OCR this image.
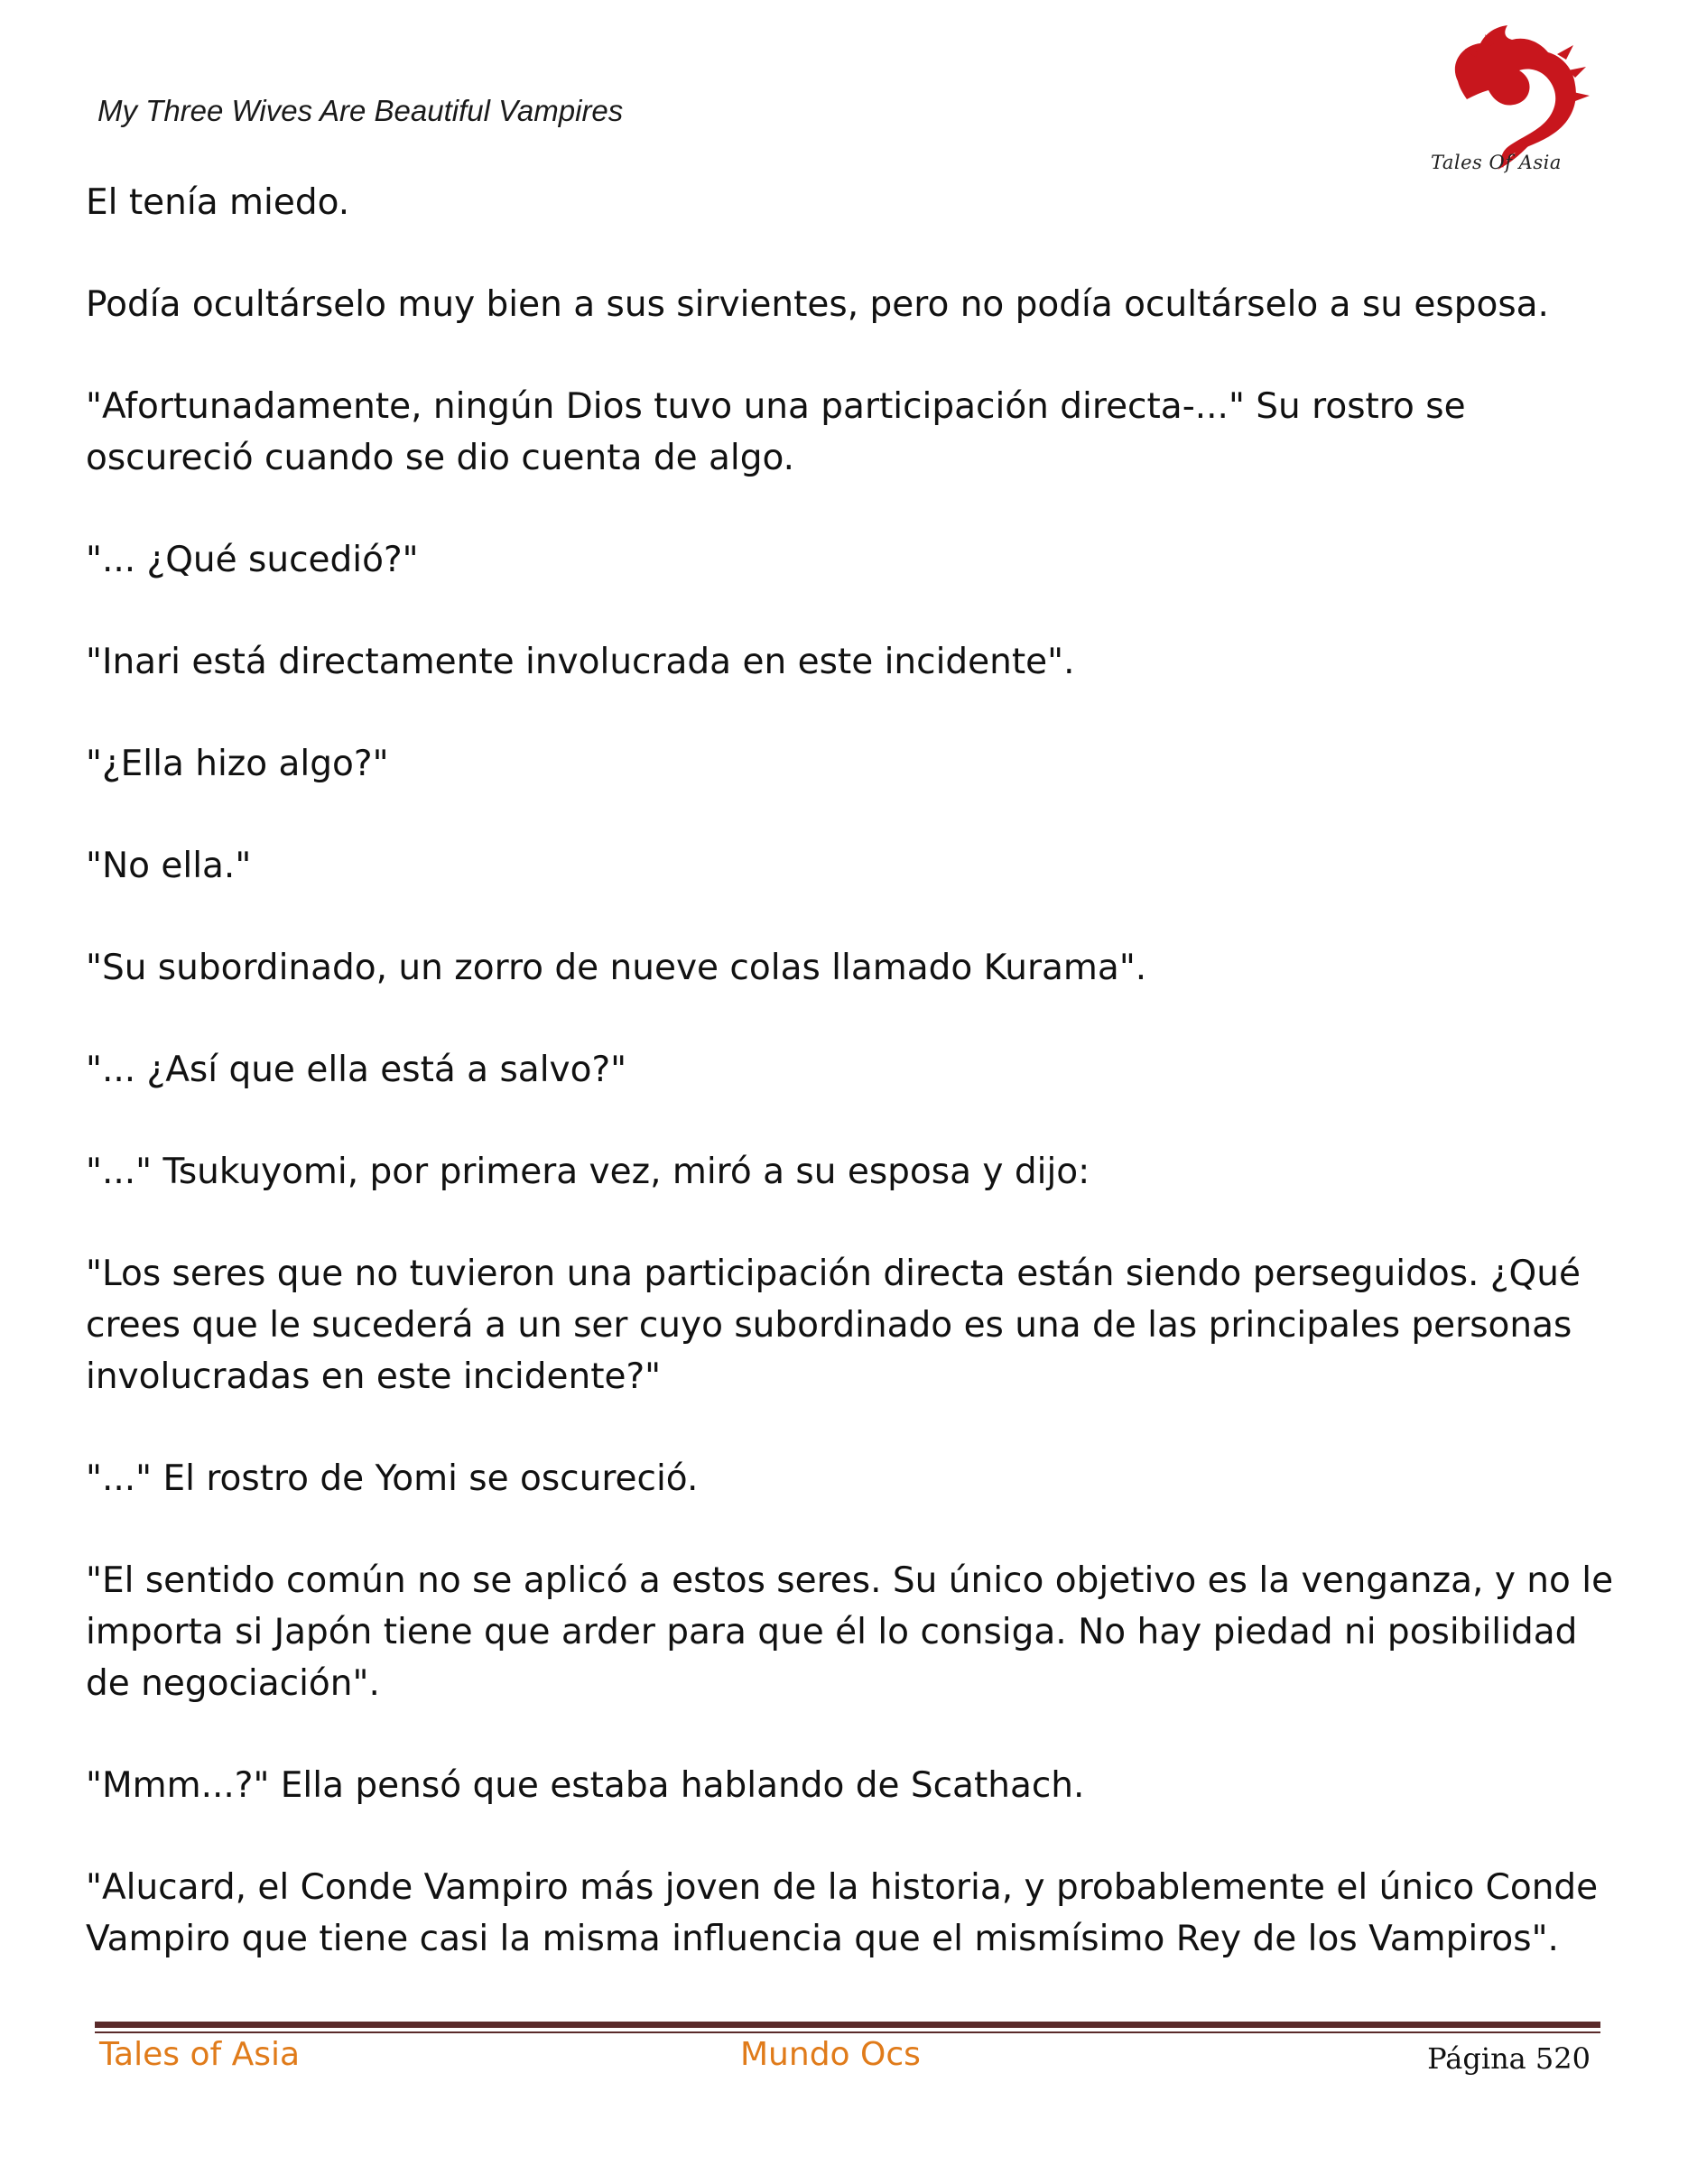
My Three Wives Are Beautiful Vampires
Tales Of Asia

El tenía miedo.

Podía ocultárselo muy bien a sus sirvientes, pero no podía ocultárselo a su esposa.

"Afortunadamente, ningún Dios tuvo una participación directa-..." Su rostro se oscureció cuando se dio cuenta de algo.

"... ¿Qué sucedió?"

"Inari está directamente involucrada en este incidente".

"¿Ella hizo algo?"

"No ella."

"Su subordinado, un zorro de nueve colas llamado Kurama".

"... ¿Así que ella está a salvo?"

"..." Tsukuyomi, por primera vez, miró a su esposa y dijo:

"Los seres que no tuvieron una participación directa están siendo perseguidos. ¿Qué crees que le sucederá a un ser cuyo subordinado es una de las principales personas involucradas en este incidente?"

"..." El rostro de Yomi se oscureció.

"El sentido común no se aplicó a estos seres. Su único objetivo es la venganza, y no le importa si Japón tiene que arder para que él lo consiga. No hay piedad ni posibilidad de negociación".

"Mmm...?" Ella pensó que estaba hablando de Scathach.

"Alucard, el Conde Vampiro más joven de la historia, y probablemente el único Conde Vampiro que tiene casi la misma influencia que el mismísimo Rey de los Vampiros".

Tales of Asia	Mundo Ocs	Página 520
